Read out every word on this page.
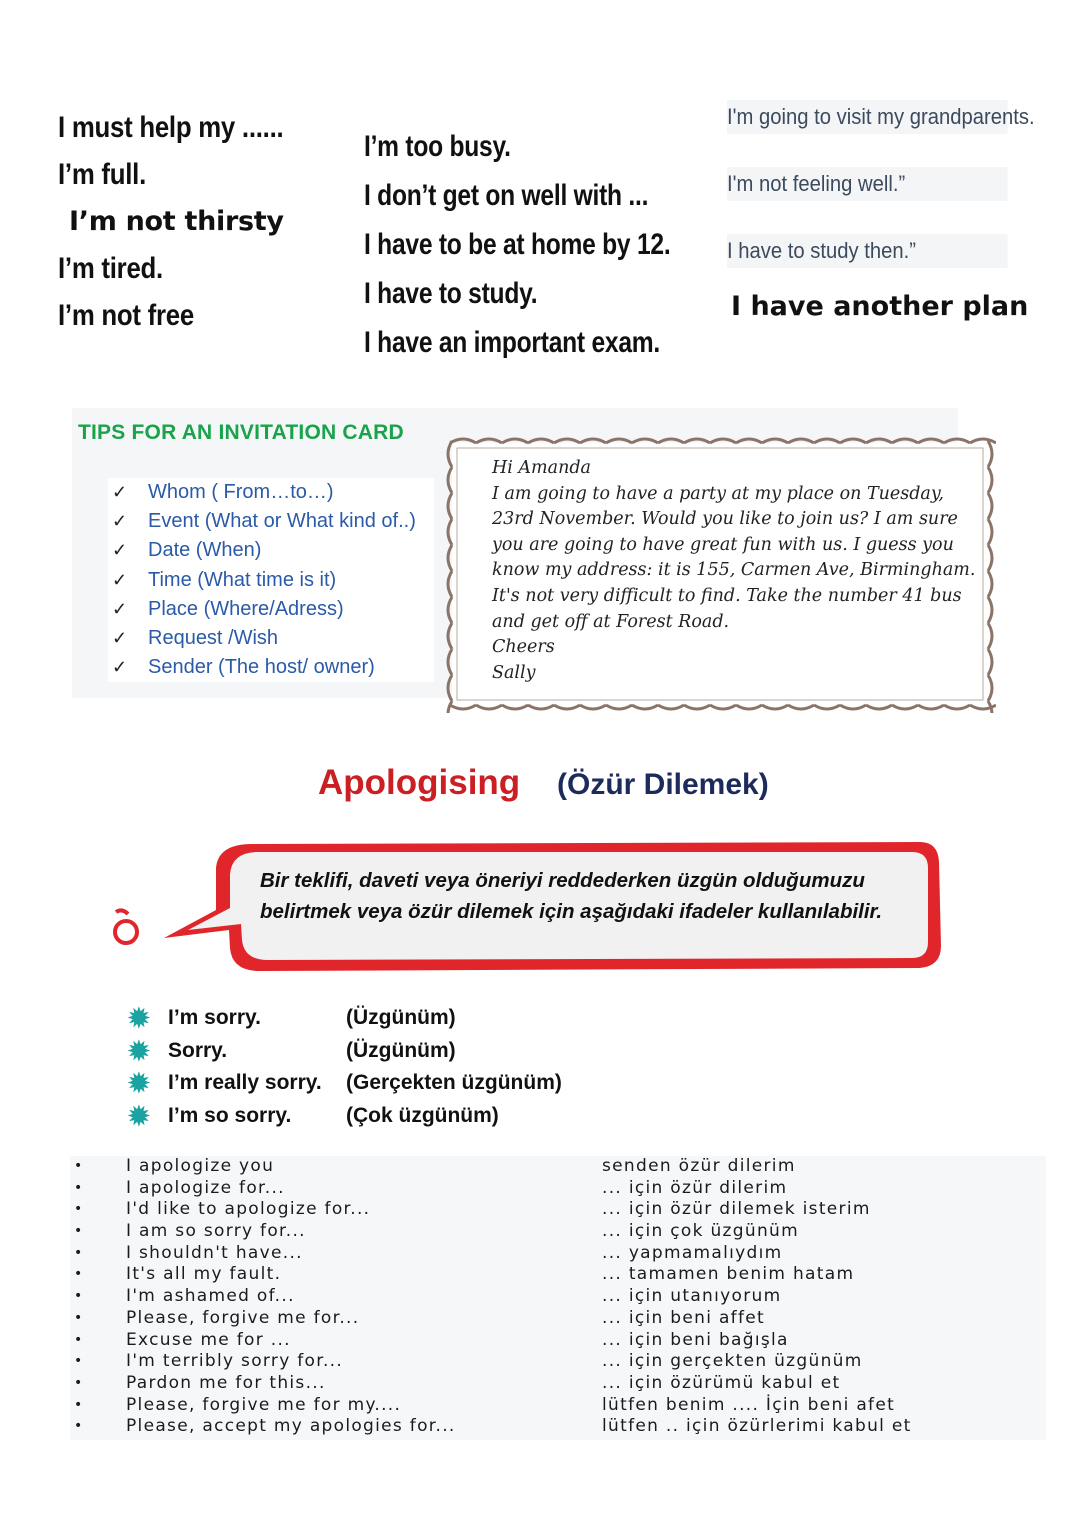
I must help my ......
I’m full.
I’m not thirsty
I’m tired.
I’m not free
I’m too busy.
I don’t get on well with ...
I have to be at home by 12.
I have to study.
I have an important exam.
I'm going to visit my grandparents.
I'm not feeling well.”
I have to study then.”
I have another plan
TIPS FOR AN INVITATION CARD
✓ Whom ( From…to…)
✓ Event (What or What kind of..)
✓ Date (When)
✓ Time (What time is it)
✓ Place (Where/Adress)
✓ Request /Wish
✓ Sender (The host/ owner)
Hi Amanda
I am going to have a party at my place on Tuesday,
23rd November. Would you like to join us? I am sure
you are going to have great fun with us. I guess you
know my address: it is 155, Carmen Ave, Birmingham.
It's not very difficult to find. Take the number 41 bus
and get off at Forest Road.
Cheers
Sally
Apologising (Özür Dilemek)
Bir teklifi, daveti veya öneriyi reddederken üzgün olduğumuzu
belirtmek veya özür dilemek için aşağıdaki ifadeler kullanılabilir.
✹ I’m sorry.	(Üzgünüm)
✹ Sorry.	(Üzgünüm)
✹ I’m really sorry.	(Gerçekten üzgünüm)
✹ I’m so sorry.	(Çok üzgünüm)
•	I apologize you	senden özür dilerim
•	I apologize for...	... için özür dilerim
•	I'd like to apologize for...	... için özür dilemek isterim
•	I am so sorry for...	... için çok üzgünüm
•	I shouldn't have...	... yapmamalıydım
•	It's all my fault.	... tamamen benim hatam
•	I'm ashamed of...	... için utanıyorum
•	Please, forgive me for...	... için beni affet
•	Excuse me for ...	... için beni bağışla
•	I'm terribly sorry for...	... için gerçekten üzgünüm
•	Pardon me for this...	... için özürümü kabul et
•	Please, forgive me for my....	lütfen benim .... İçin beni afet
•	Please, accept my apologies for...	lütfen .. için özürlerimi kabul et
